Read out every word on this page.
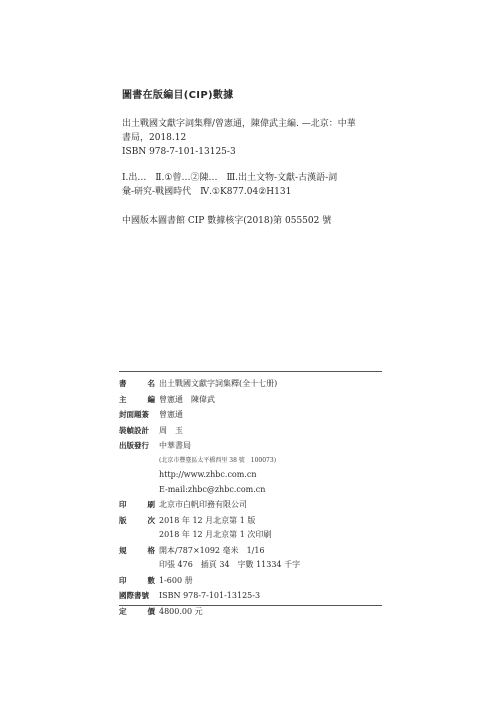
圖書在版編目(CIP)數據

出土戰國文獻字詞集釋/曾憲通，陳偉武主編. —北京：中華

書局，2018.12

ISBN 978-7-101-13125-3

Ⅰ.出…　Ⅱ.①曾…②陳…　Ⅲ.出土文物-文獻-古漢語-詞

彙-研究-戰國時代　Ⅳ.①K877.04②H131

中國版本圖書館 CIP 數據核字(2018)第 055502 號
書	名 出土戰國文獻字詞集釋(全十七册)
主	編 曾憲通　陳偉武
封面題簽	曾憲通
裝幀設計	周　玉
出版發行	中華書局
(北京市豐臺區太平橋西里 38 號　100073)
http://www.zhbc.com.cn
E-mail:zhbc@zhbc.com.cn
印	刷 北京市白帆印務有限公司
版	次 2018 年 12 月北京第 1 版
2018 年 12 月北京第 1 次印刷
規	格 開本/787×1092 毫米　1/16
印張 476　插頁 34　字數 11334 千字
印	數 1-600 册
國際書號	ISBN 978-7-101-13125-3
定	價 4800.00 元
